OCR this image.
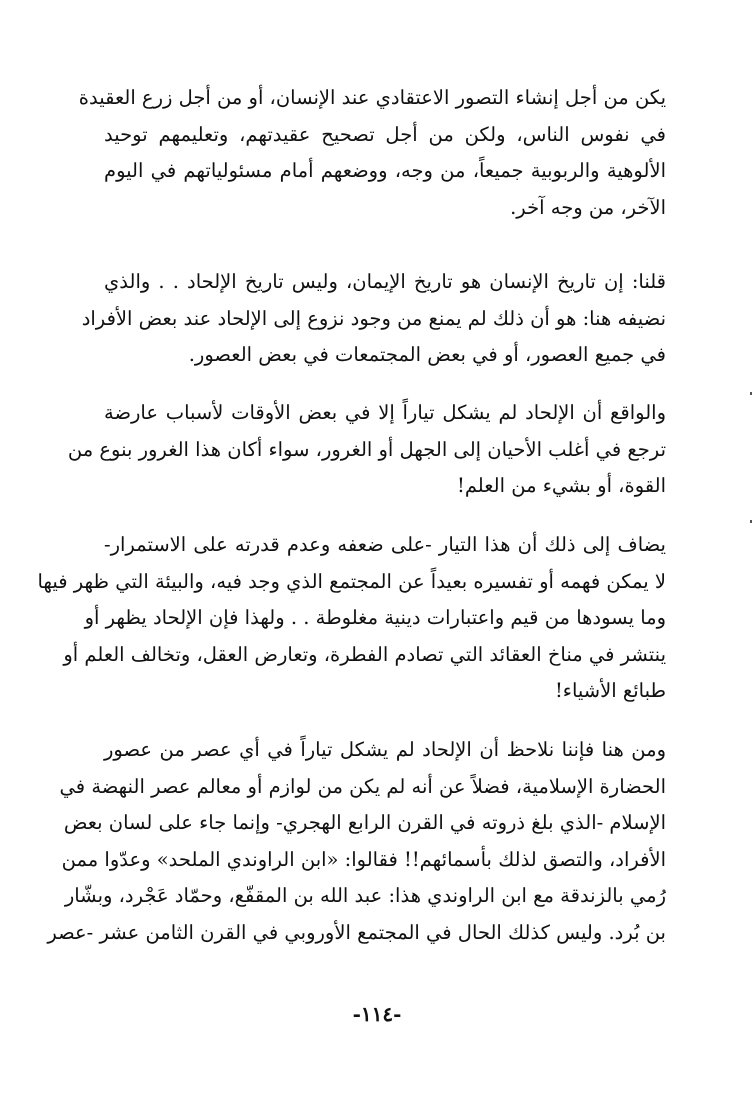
يكن من أجل إنشاء التصور الاعتقادي عند الإنسان، أو من أجل زرع العقيدة
في نفوس الناس، ولكن من أجل تصحيح عقيدتهم، وتعليمهم توحيد
الألوهية والربوبية جميعاً، من وجه، ووضعهم أمام مسئولياتهم في اليوم
الآخر، من وجه آخر.
قلنا: إن تاريخ الإنسان هو تاريخ الإيمان، وليس تاريخ الإلحاد . . والذي
نضيفه هنا: هو أن ذلك لم يمنع من وجود نزوع إلى الإلحاد عند بعض الأفراد
في جميع العصور، أو في بعض المجتمعات في بعض العصور.
والواقع أن الإلحاد لم يشكل تياراً إلا في بعض الأوقات لأسباب عارضة
ترجع في أغلب الأحيان إلى الجهل أو الغرور، سواء أكان هذا الغرور بنوع من
القوة، أو بشيء من العلم!
يضاف إلى ذلك أن هذا التيار -على ضعفه وعدم قدرته على الاستمرار-
لا يمكن فهمه أو تفسيره بعيداً عن المجتمع الذي وجد فيه، والبيئة التي ظهر فيها
وما يسودها من قيم واعتبارات دينية مغلوطة . . ولهذا فإن الإلحاد يظهر أو
ينتشر في مناخ العقائد التي تصادم الفطرة، وتعارض العقل، وتخالف العلم أو
طبائع الأشياء!
ومن هنا فإننا نلاحظ أن الإلحاد لم يشكل تياراً في أي عصر من عصور
الحضارة الإسلامية، فضلاً عن أنه لم يكن من لوازم أو معالم عصر النهضة في
الإسلام -الذي بلغ ذروته في القرن الرابع الهجري- وإنما جاء على لسان بعض
الأفراد، والتصق لذلك بأسمائهم!! فقالوا: «ابن الراوندي الملحد» وعدّوا ممن
رُمي بالزندقة مع ابن الراوندي هذا: عبد الله بن المقفّع، وحمّاد عَجْرد، وبشّار
بن بُرد. وليس كذلك الحال في المجتمع الأوروبي في القرن الثامن عشر -عصر
-١١٤-
